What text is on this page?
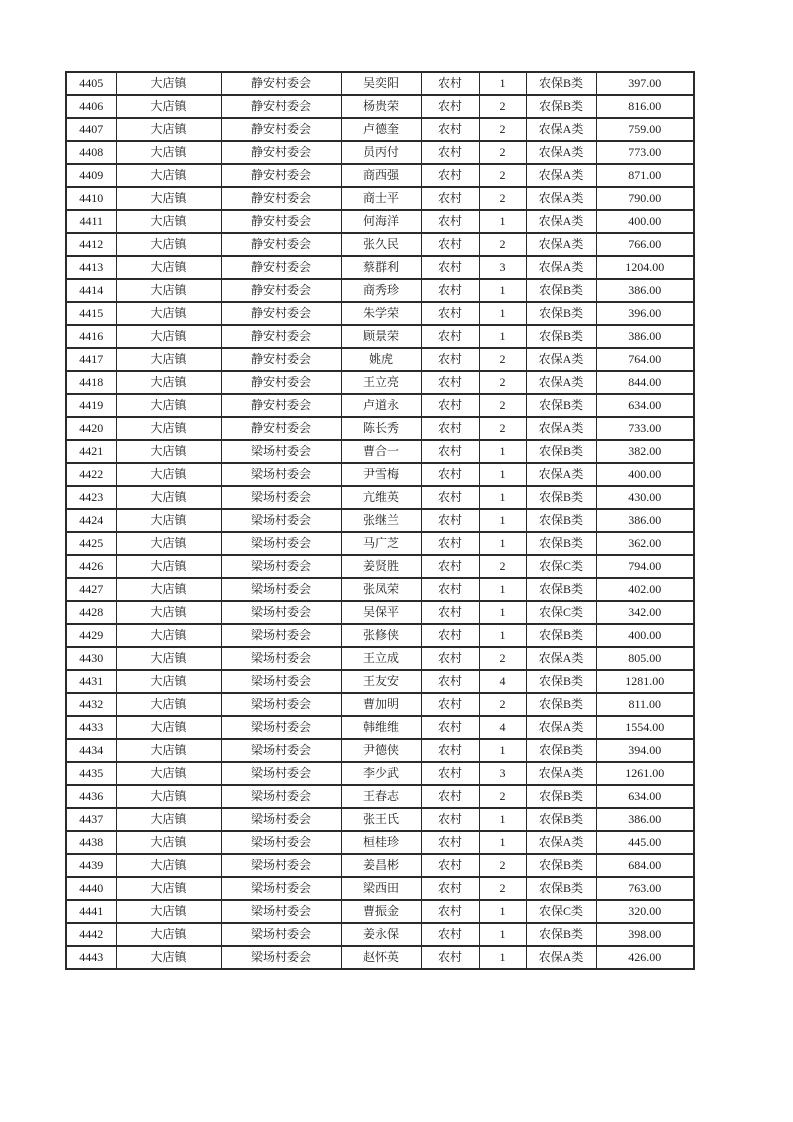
4405	大店镇	静安村委会	吴奕阳	农村	1	农保B类	397.00
4406	大店镇	静安村委会	杨贵荣	农村	2	农保B类	816.00
4407	大店镇	静安村委会	卢德奎	农村	2	农保A类	759.00
4408	大店镇	静安村委会	员丙付	农村	2	农保A类	773.00
4409	大店镇	静安村委会	商西强	农村	2	农保A类	871.00
4410	大店镇	静安村委会	商士平	农村	2	农保A类	790.00
4411	大店镇	静安村委会	何海洋	农村	1	农保A类	400.00
4412	大店镇	静安村委会	张久民	农村	2	农保A类	766.00
4413	大店镇	静安村委会	蔡群利	农村	3	农保A类	1204.00
4414	大店镇	静安村委会	商秀珍	农村	1	农保B类	386.00
4415	大店镇	静安村委会	朱学荣	农村	1	农保B类	396.00
4416	大店镇	静安村委会	顾景荣	农村	1	农保B类	386.00
4417	大店镇	静安村委会	姚虎	农村	2	农保A类	764.00
4418	大店镇	静安村委会	王立亮	农村	2	农保A类	844.00
4419	大店镇	静安村委会	卢道永	农村	2	农保B类	634.00
4420	大店镇	静安村委会	陈长秀	农村	2	农保A类	733.00
4421	大店镇	梁场村委会	曹合一	农村	1	农保B类	382.00
4422	大店镇	梁场村委会	尹雪梅	农村	1	农保A类	400.00
4423	大店镇	梁场村委会	亢维英	农村	1	农保B类	430.00
4424	大店镇	梁场村委会	张继兰	农村	1	农保B类	386.00
4425	大店镇	梁场村委会	马广芝	农村	1	农保B类	362.00
4426	大店镇	梁场村委会	姜贤胜	农村	2	农保C类	794.00
4427	大店镇	梁场村委会	张凤荣	农村	1	农保B类	402.00
4428	大店镇	梁场村委会	吴保平	农村	1	农保C类	342.00
4429	大店镇	梁场村委会	张修侠	农村	1	农保B类	400.00
4430	大店镇	梁场村委会	王立成	农村	2	农保A类	805.00
4431	大店镇	梁场村委会	王友安	农村	4	农保B类	1281.00
4432	大店镇	梁场村委会	曹加明	农村	2	农保B类	811.00
4433	大店镇	梁场村委会	韩维维	农村	4	农保A类	1554.00
4434	大店镇	梁场村委会	尹德侠	农村	1	农保B类	394.00
4435	大店镇	梁场村委会	李少武	农村	3	农保A类	1261.00
4436	大店镇	梁场村委会	王春志	农村	2	农保B类	634.00
4437	大店镇	梁场村委会	张王氏	农村	1	农保B类	386.00
4438	大店镇	梁场村委会	桓桂珍	农村	1	农保A类	445.00
4439	大店镇	梁场村委会	姜昌彬	农村	2	农保B类	684.00
4440	大店镇	梁场村委会	梁西田	农村	2	农保B类	763.00
4441	大店镇	梁场村委会	曹振金	农村	1	农保C类	320.00
4442	大店镇	梁场村委会	姜永保	农村	1	农保B类	398.00
4443	大店镇	梁场村委会	赵怀英	农村	1	农保A类	426.00
